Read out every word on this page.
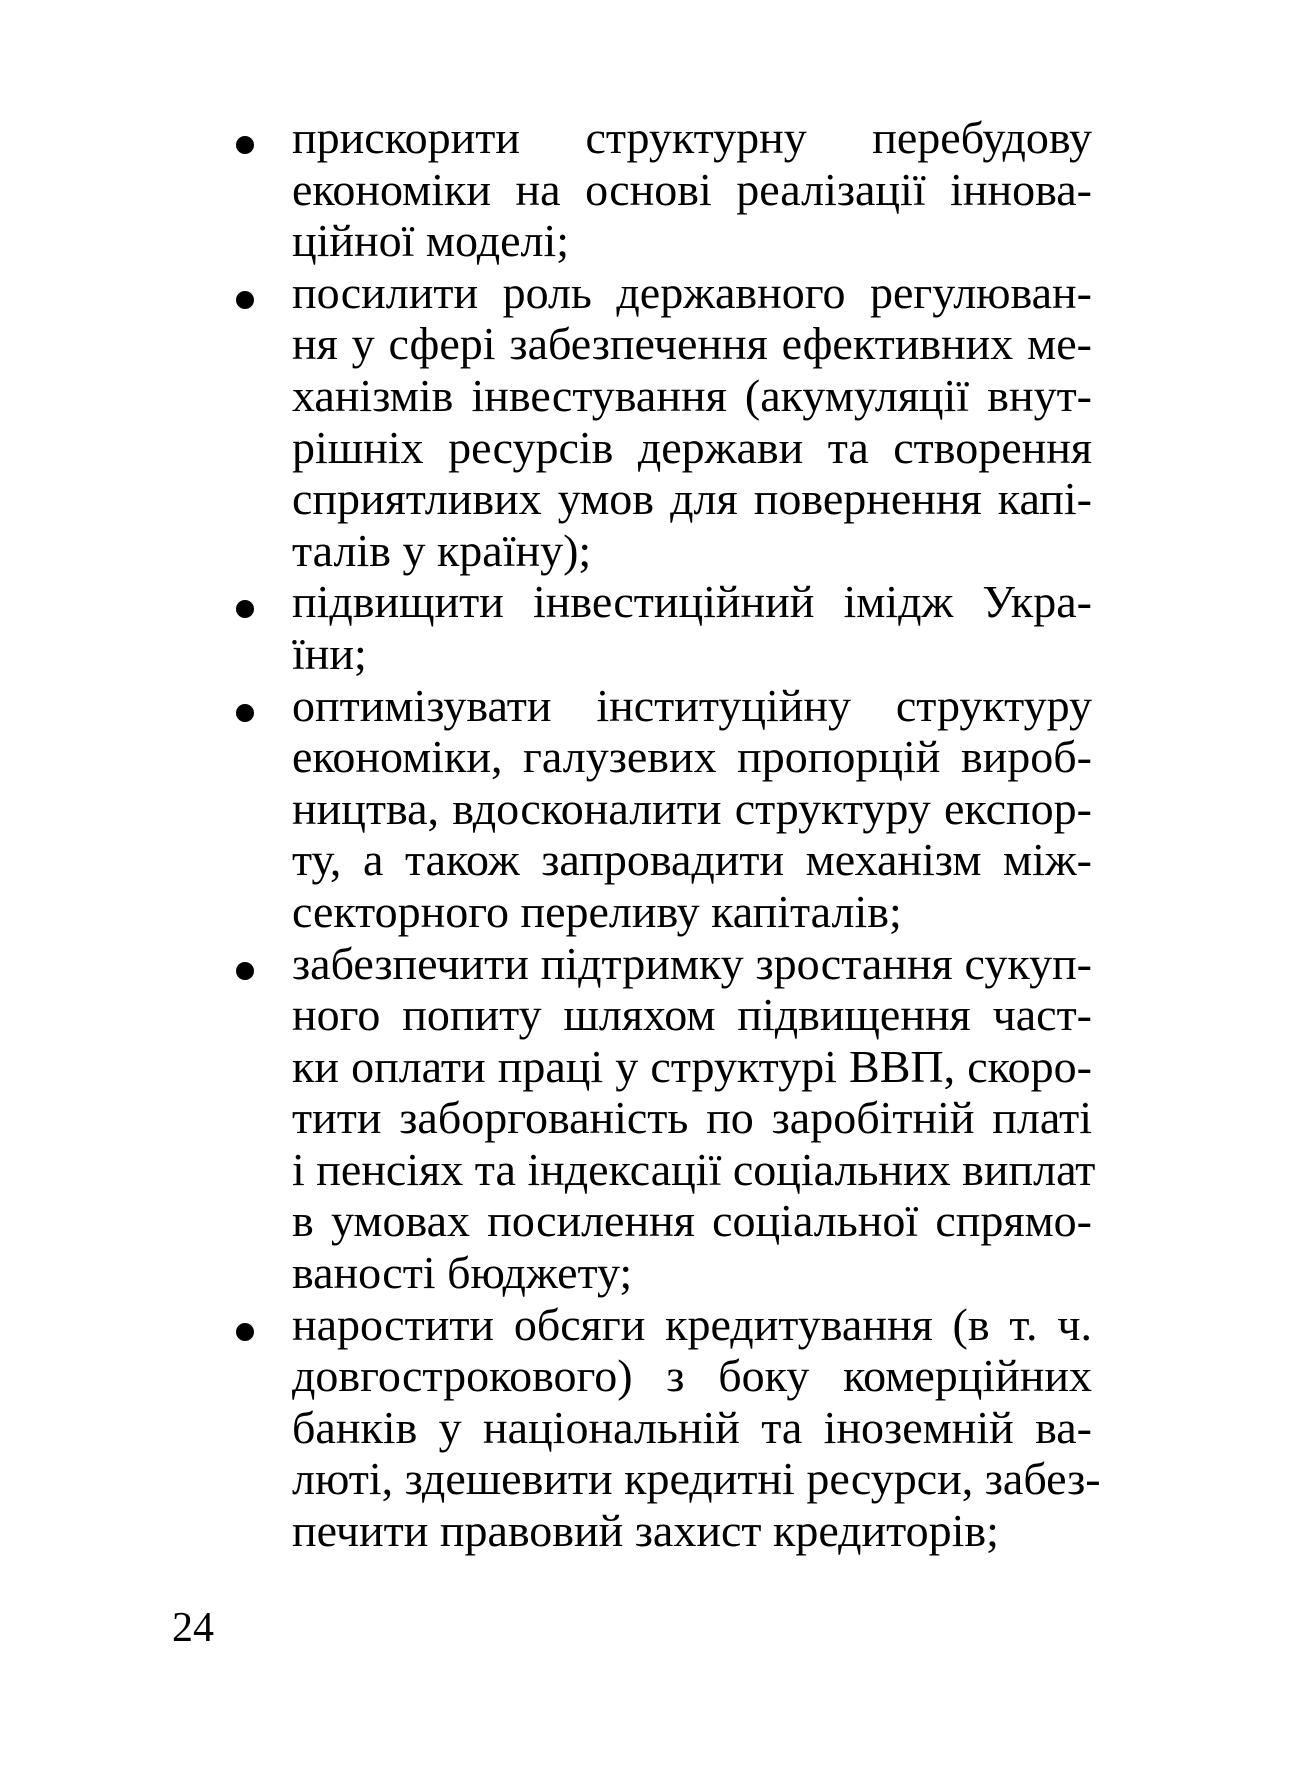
прискорити структурну перебудову
економіки на основі реалізації іннова-
ційної моделі;
посилити роль державного регулюван-
ня у сфері забезпечення ефективних ме-
ханізмів інвестування (акумуляції внут-
рішніх ресурсів держави та створення
сприятливих умов для повернення капі-
талів у країну);
підвищити інвестиційний імідж Укра-
їни;
оптимізувати інституційну структуру
економіки, галузевих пропорцій вироб-
ництва, вдосконалити структуру експор-
ту, а також запровадити механізм між-
секторного переливу капіталів;
забезпечити підтримку зростання сукуп-
ного попиту шляхом підвищення част-
ки оплати праці у структурі ВВП, скоро-
тити заборгованість по заробітній платі
і пенсіях та індексації соціальних виплат
в умовах посилення соціальної спрямо-
ваності бюджету;
наростити обсяги кредитування (в т. ч.
довгострокового) з боку комерційних
банків у національній та іноземній ва-
люті, здешевити кредитні ресурси, забез-
печити правовий захист кредиторів;
24
